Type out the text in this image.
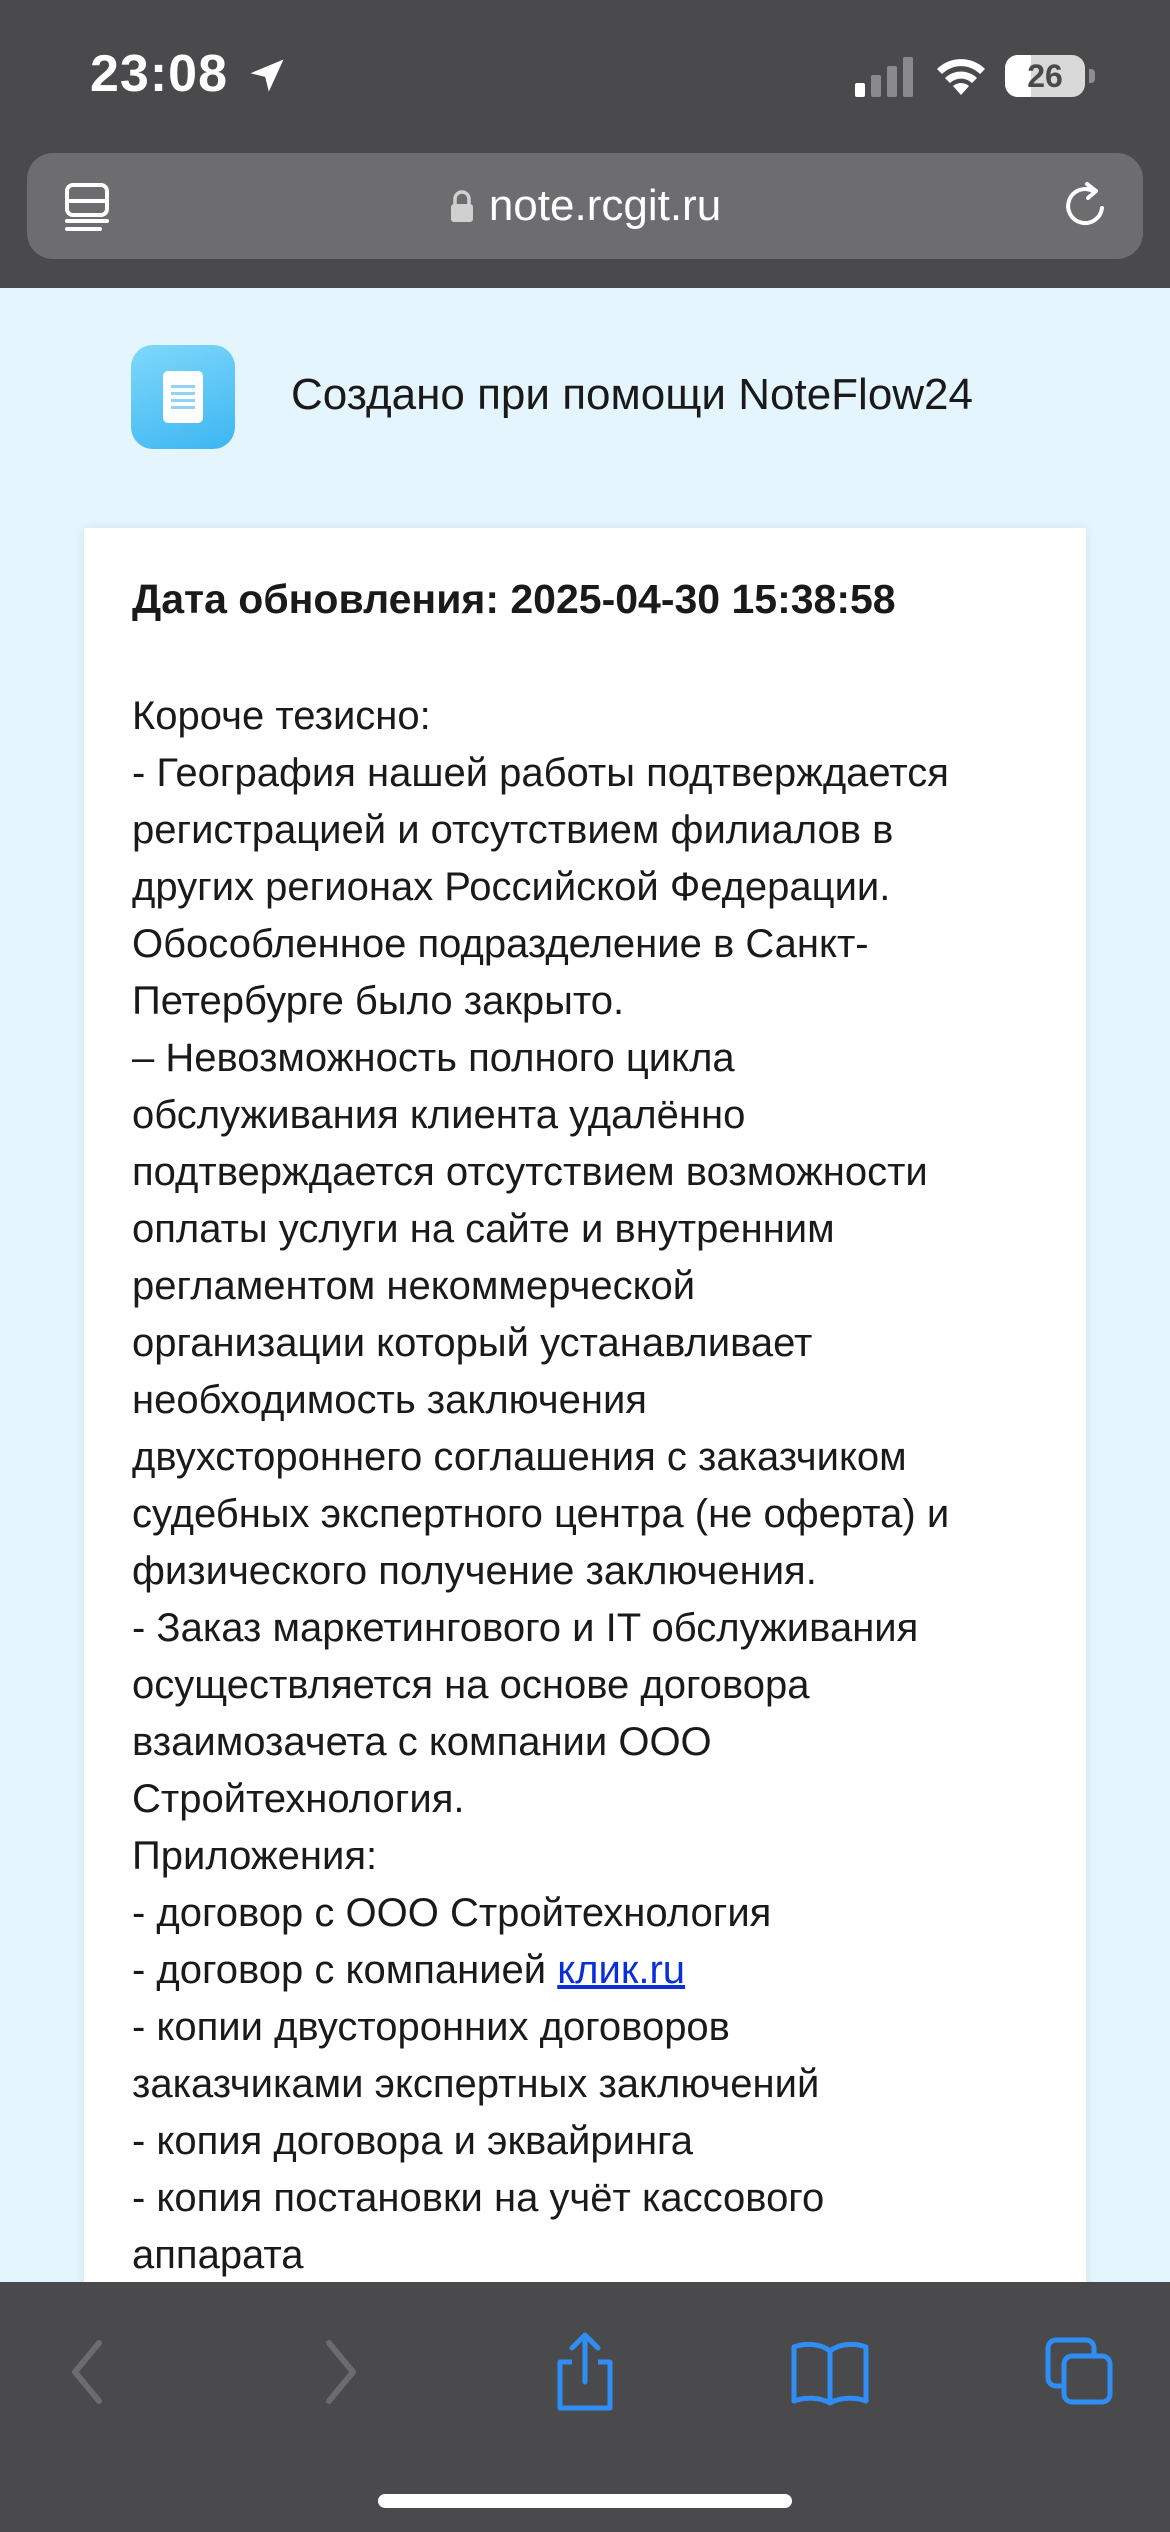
23:08	26
note.rcgit.ru
Создано при помощи NoteFlow24
Дата обновления: 2025-04-30 15:38:58
Короче тезисно:
- География нашей работы подтверждается
регистрацией и отсутствием филиалов в
других регионах Российской Федерации.
Обособленное подразделение в Санкт-
Петербурге было закрыто.
– Невозможность полного цикла
обслуживания клиента удалённо
подтверждается отсутствием возможности
оплаты услуги на сайте и внутренним
регламентом некоммерческой
организации который устанавливает
необходимость заключения
двухстороннего соглашения с заказчиком
судебных экспертного центра (не оферта) и
физического получение заключения.
- Заказ маркетингового и IT обслуживания
осуществляется на основе договора
взаимозачета с компании ООО
Стройтехнология.
Приложения:
- договор с ООО Стройтехнология
- договор с компанией клик.ru
- копии двусторонних договоров
заказчиками экспертных заключений
- копия договора и эквайринга
- копия постановки на учёт кассового
аппарата
